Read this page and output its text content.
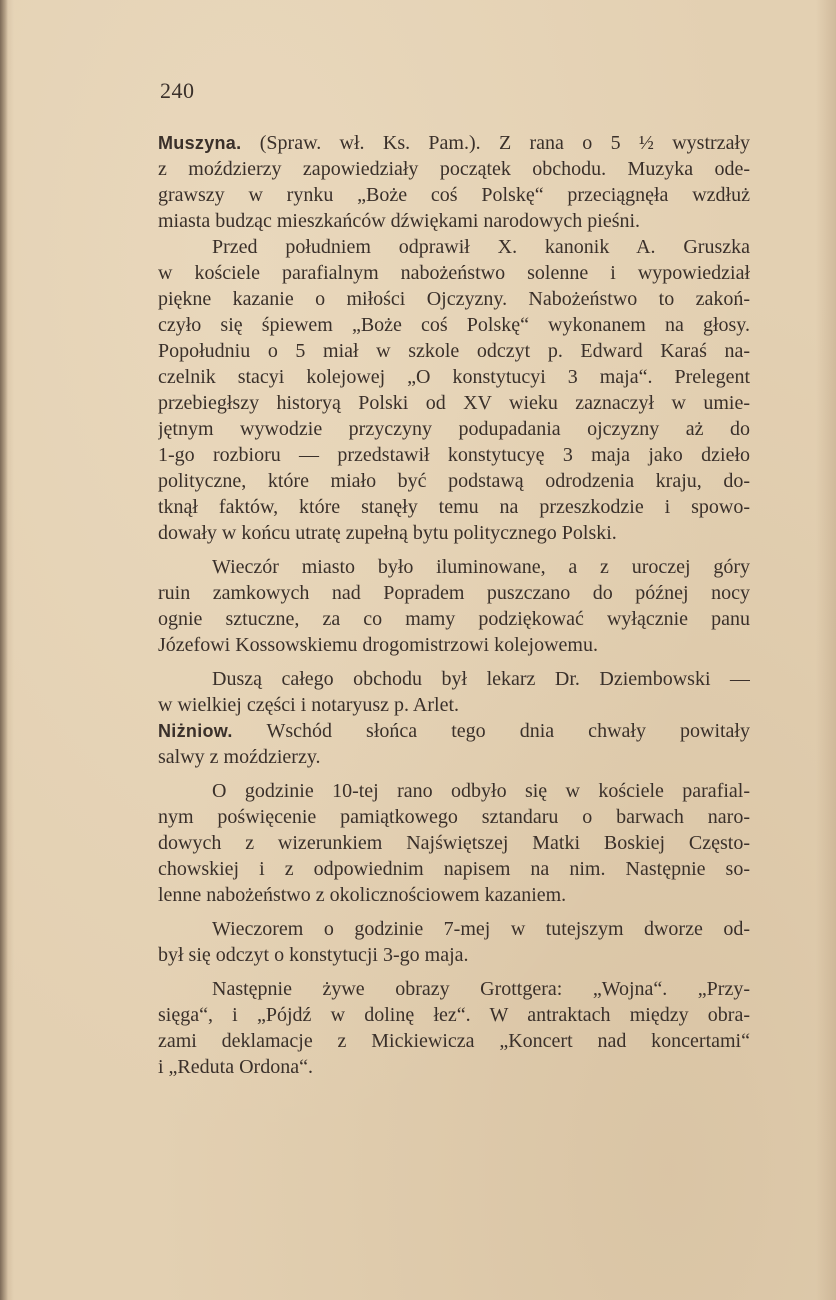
240
Muszyna. (Spraw. wł. Ks. Pam.). Z rana o 5 ½ wystrzały
z moździerzy zapowiedziały początek obchodu. Muzyka ode-
grawszy w rynku „Boże coś Polskę“ przeciągnęła wzdłuż
miasta budząc mieszkańców dźwiękami narodowych pieśni.
Przed południem odprawił X. kanonik A. Gruszka
w kościele parafialnym nabożeństwo solenne i wypowiedział
piękne kazanie o miłości Ojczyzny. Nabożeństwo to zakoń-
czyło się śpiewem „Boże coś Polskę“ wykonanem na głosy.
Popołudniu o 5 miał w szkole odczyt p. Edward Karaś na-
czelnik stacyi kolejowej „O konstytucyi 3 maja“. Prelegent
przebiegłszy historyą Polski od XV wieku zaznaczył w umie-
jętnym wywodzie przyczyny podupadania ojczyzny aż do
1-go rozbioru — przedstawił konstytucyę 3 maja jako dzieło
polityczne, które miało być podstawą odrodzenia kraju, do-
tknął faktów, które stanęły temu na przeszkodzie i spowo-
dowały w końcu utratę zupełną bytu politycznego Polski.
Wieczór miasto było iluminowane, a z uroczej góry
ruin zamkowych nad Popradem puszczano do późnej nocy
ognie sztuczne, za co mamy podziękować wyłącznie panu
Józefowi Kossowskiemu drogomistrzowi kolejowemu.
Duszą całego obchodu był lekarz Dr. Dziembowski —
w wielkiej części i notaryusz p. Arlet.
Niżniow. Wschód słońca tego dnia chwały powitały
salwy z moździerzy.
O godzinie 10-tej rano odbyło się w kościele parafial-
nym poświęcenie pamiątkowego sztandaru o barwach naro-
dowych z wizerunkiem Najświętszej Matki Boskiej Często-
chowskiej i z odpowiednim napisem na nim. Następnie so-
lenne nabożeństwo z okolicznościowem kazaniem.
Wieczorem o godzinie 7-mej w tutejszym dworze od-
był się odczyt o konstytucji 3-go maja.
Następnie żywe obrazy Grottgera: „Wojna“. „Przy-
sięga“, i „Pójdź w dolinę łez“. W antraktach między obra-
zami deklamacje z Mickiewicza „Koncert nad koncertami“
i „Reduta Ordona“.
